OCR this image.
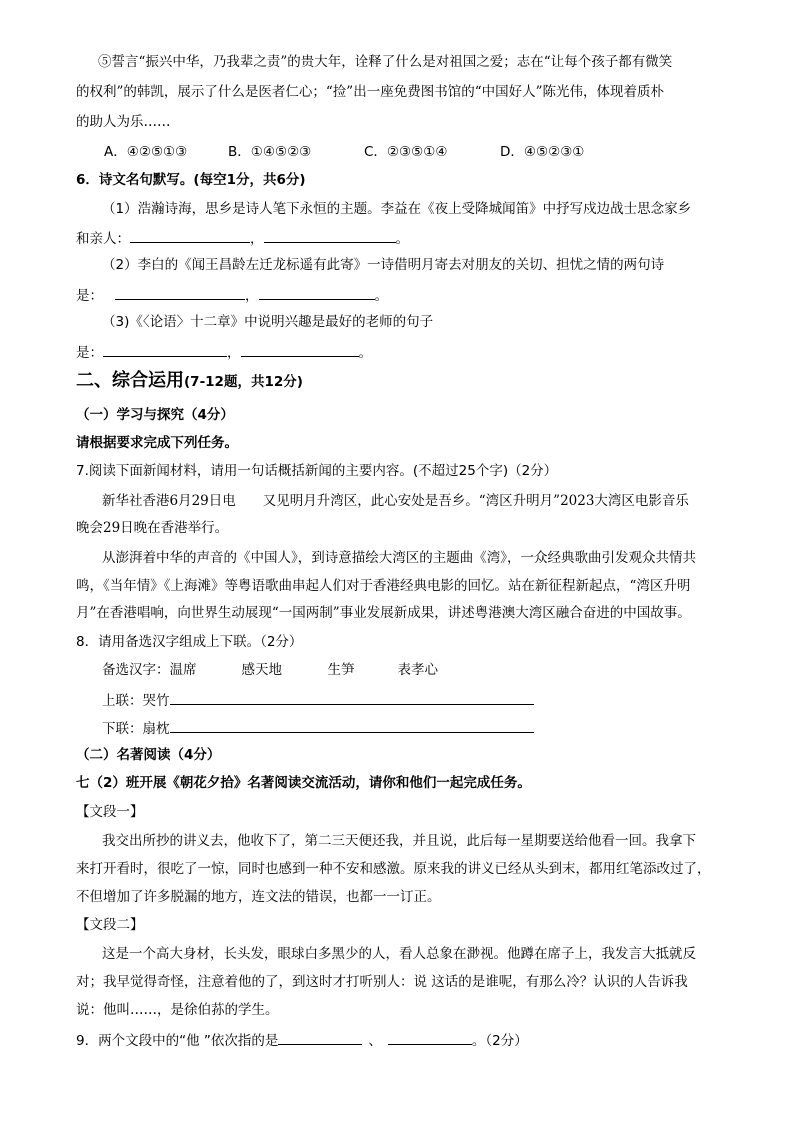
⑤誓言“振兴中华，乃我辈之责”的贵大年，诠释了什么是对祖国之爱；志在“让每个孩子都有微笑
的权利”的韩凯，展示了什么是医者仁心；“捡”出一座免费图书馆的“中国好人”陈光伟，体现着质朴
的助人为乐……
A．④②⑤①③	B．①④⑤②③	C．②③⑤①④	D．④⑤②③①
6．诗文名句默写。(每空1分，共6分)
（1）浩瀚诗海，思乡是诗人笔下永恒的主题。李益在《夜上受降城闻笛》中抒写戍边战士思念家乡
和亲人：	，	。
（2）李白的《闻王昌龄左迁龙标遥有此寄》一诗借明月寄去对朋友的关切、担忧之情的两句诗
是：	，	。
（3)《〈论语〉十二章》中说明兴趣是最好的老师的句子
是：	，	。
二、综合运用(7-12题，共12分)
（一）学习与探究（4分）
请根据要求完成下列任务。
7.阅读下面新闻材料，请用一句话概括新闻的主要内容。(不超过25个字)（2分）
新华社香港6月29日电　　又见明月升湾区，此心安处是吾乡。“湾区升明月”2023大湾区电影音乐
晚会29日晚在香港举行。
从澎湃着中华的声音的《中国人》，到诗意描绘大湾区的主题曲《湾》，一众经典歌曲引发观众共情共
鸣，《当年情》《上海滩》等粤语歌曲串起人们对于香港经典电影的回忆。站在新征程新起点，“湾区升明
月”在香港唱响，向世界生动展现“一国两制”事业发展新成果，讲述粤港澳大湾区融合奋进的中国故事。
8．请用备选汉字组成上下联。（2分）
备选汉字：温席	感天地	生笋	表孝心
上联：哭竹
下联：扇枕
（二）名著阅读（4分）
七（2）班开展《朝花夕拾》名著阅读交流活动，请你和他们一起完成任务。
【文段一】
我交出所抄的讲义去，他收下了，第二三天便还我，并且说，此后每一星期要送给他看一回。我拿下
来打开看时，很吃了一惊，同时也感到一种不安和感激。原来我的讲义已经从头到末，都用红笔添改过了，
不但增加了许多脱漏的地方，连文法的错误，也都一一订正。
【文段二】
这是一个高大身材，长头发，眼球白多黑少的人，看人总象在渺视。他蹲在席子上，我发言大抵就反
对；我早觉得奇怪，注意着他的了，到这时才打听别人：说 这话的是谁呢，有那么冷？认识的人告诉我
说：他叫……，是徐伯荪的学生。
9．两个文段中的“他 ”依次指的是	、	。（2分）
